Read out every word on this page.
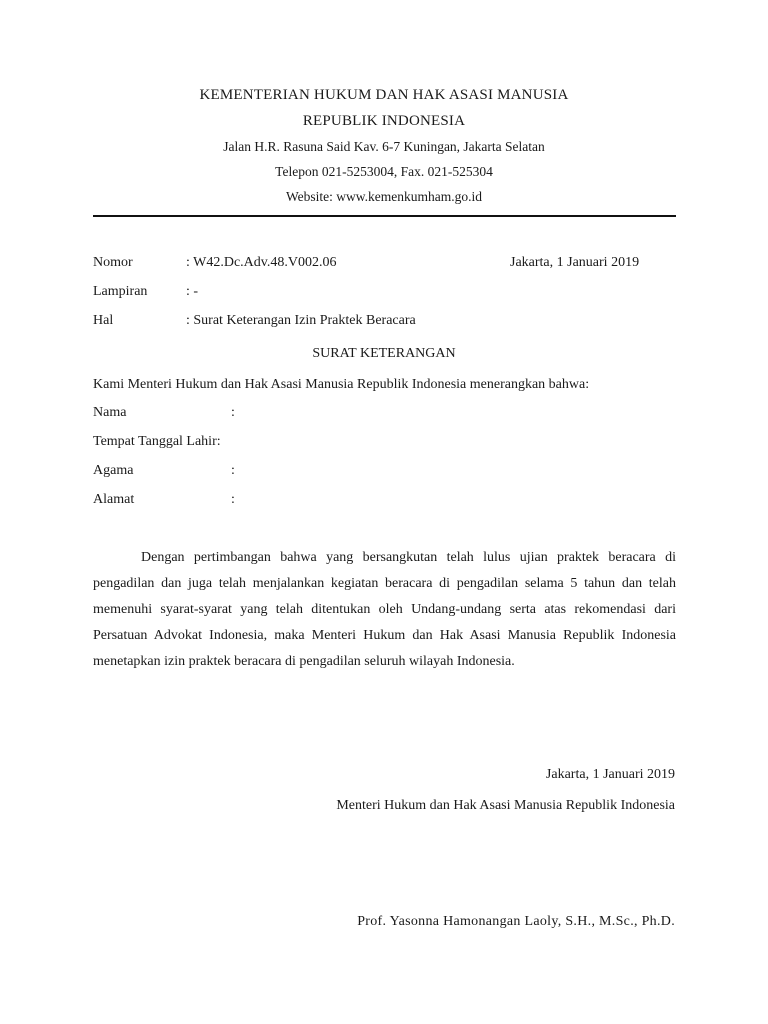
KEMENTERIAN HUKUM DAN HAK ASASI MANUSIA
REPUBLIK INDONESIA
Jalan H.R. Rasuna Said Kav. 6-7 Kuningan, Jakarta Selatan
Telepon 021-5253004, Fax. 021-525304
Website: www.kemenkumham.go.id
Nomor	: W42.Dc.Adv.48.V002.06	Jakarta, 1 Januari 2019
Lampiran	: -
Hal	: Surat Keterangan Izin Praktek Beracara
SURAT KETERANGAN
Kami Menteri Hukum dan Hak Asasi Manusia Republik Indonesia menerangkan bahwa:
Nama	:
Tempat Tanggal Lahir:
Agama	:
Alamat	:
Dengan pertimbangan bahwa yang bersangkutan telah lulus ujian praktek beracara di pengadilan dan juga telah menjalankan kegiatan beracara di pengadilan selama 5 tahun dan telah memenuhi syarat-syarat yang telah ditentukan oleh Undang-undang serta atas rekomendasi dari Persatuan Advokat Indonesia, maka Menteri Hukum dan Hak Asasi Manusia Republik Indonesia menetapkan izin praktek beracara di pengadilan seluruh wilayah Indonesia.
Jakarta, 1 Januari 2019
Menteri Hukum dan Hak Asasi Manusia Republik Indonesia
Prof. Yasonna Hamonangan Laoly, S.H., M.Sc., Ph.D.
